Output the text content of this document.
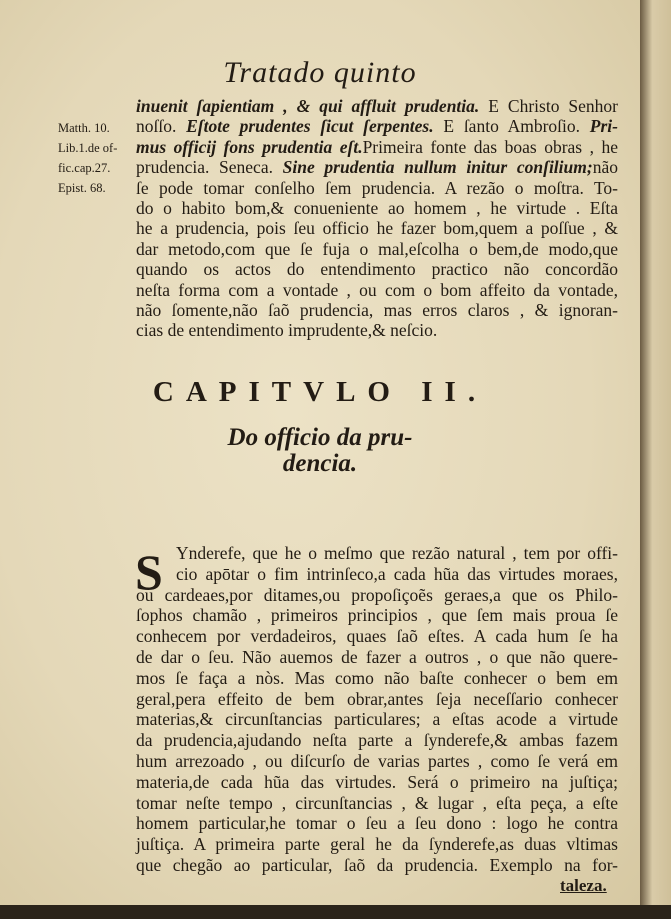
Tratado quinto
Matth. 10.
Lib.1.de of-
fic.cap.27.
Epist. 68.
inuenit ſapientiam , & qui affluit prudentia. E Christo Senhor
noſſo. Eſtote prudentes ſicut ſerpentes. E ſanto Ambroſio. Pri-
mus officij fons prudentia eſt.Primeira fonte das boas obras , he
prudencia. Seneca. Sine prudentia nullum initur conſilium;não
ſe pode tomar conſelho ſem prudencia. A rezão o moſtra. To-
do o habito bom,& conueniente ao homem , he virtude . Eſta
he a prudencia, pois ſeu officio he fazer bom,quem a poſſue , &
dar metodo,com que ſe fuja o mal,eſcolha o bem,de modo,que
quando os actos do entendimento practico não concordão
neſta forma com a vontade , ou com o bom affeito da vontade,
não ſomente,não ſaõ prudencia, mas erros claros , & ignoran-
cias de entendimento imprudente,& neſcio.
CAPITVLO II.
Do officio da pru-
dencia.
S Ynderefe, que he o meſmo que rezão natural , tem por offi-
cio apōtar o fim intrinſeco,a cada hũa das virtudes moraes,
ou cardeaes,por ditames,ou propoſiçoẽs geraes,a que os Philo-
ſophos chamão , primeiros principios , que ſem mais proua ſe
conhecem por verdadeiros, quaes ſaõ eſtes. A cada hum ſe ha
de dar o ſeu. Não auemos de fazer a outros , o que não quere-
mos ſe faça a nòs. Mas como não baſte conhecer o bem em
geral,pera effeito de bem obrar,antes ſeja neceſſario conhecer
materias,& circunſtancias particulares; a eſtas acode a virtude
da prudencia,ajudando neſta parte a ſynderefe,& ambas fazem
hum arrezoado , ou diſcurſo de varias partes , como ſe verá em
materia,de cada hũa das virtudes. Será o primeiro na juſtiça;
tomar neſte tempo , circunſtancias , & lugar , eſta peça, a eſte
homem particular,he tomar o ſeu a ſeu dono : logo he contra
juſtiça. A primeira parte geral he da ſynderefe,as duas vltimas
que chegão ao particular, ſaõ da prudencia. Exemplo na for-
taleza.
